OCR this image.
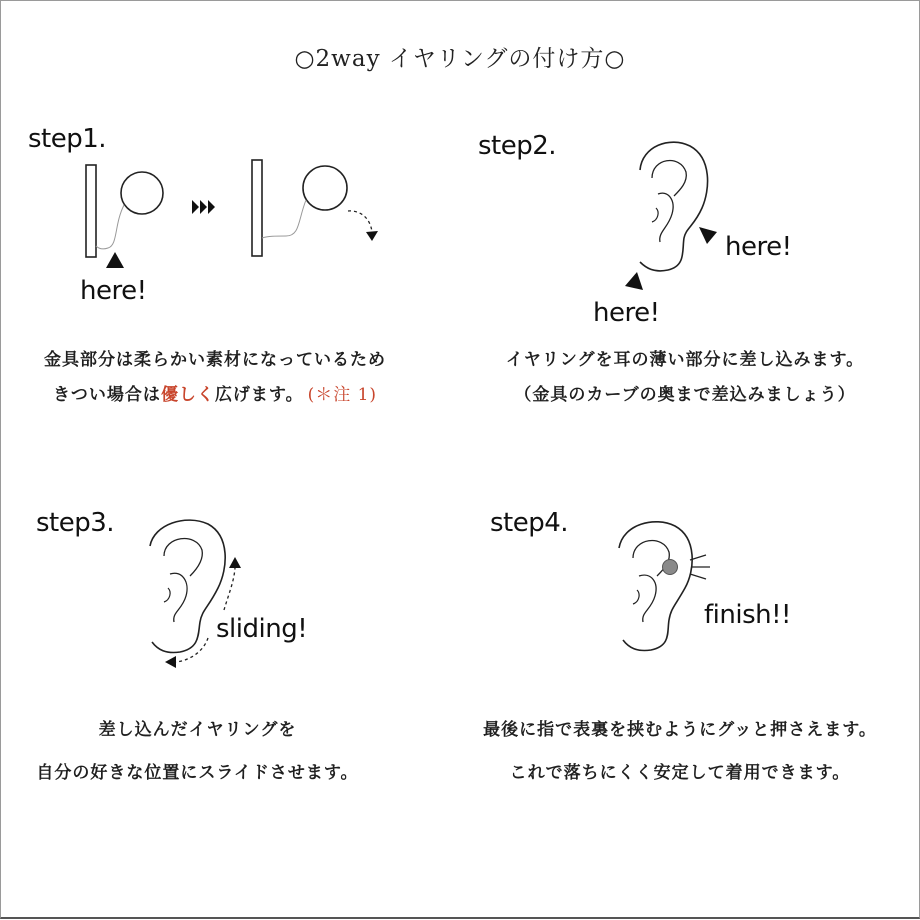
○2way イヤリングの付け方○
step1.
here!
金具部分は柔らかい素材になっているため
きつい場合は優しく広げます。 (＊注 1)
step2.
here!
here!
イヤリングを耳の薄い部分に差し込みます。
（金具のカーブの奥まで差込みましょう）
step3.
sliding!
差し込んだイヤリングを
自分の好きな位置にスライドさせます。
step4.
finish!!
最後に指で表裏を挟むようにグッと押さえます。
これで落ちにくく安定して着用できます。
